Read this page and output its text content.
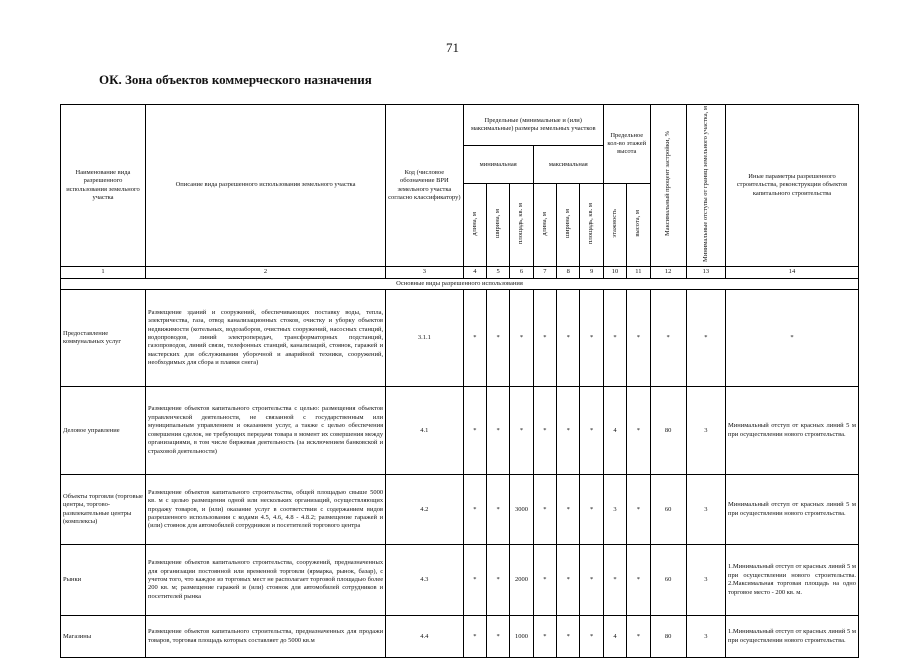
71
ОК. Зона объектов коммерческого назначения
Наименование вида разрешенного использования земельного участка	Описание вида разрешенного использования земельного участка	Код (числовое обозначение ВРИ земельного участка согласно классификатору)	Предельные (минимальные и (или) максимальные) размеры земельных участков						Предельное кол-во этажей высота		Максимальный процент застройки, %	Минимальные отступы от границ земельного участка, м	Иные параметры разрешенного строительства, реконструкции объектов капитального строительства
			минимальная			максимальная							
			длина, м	ширина, м	площадь, кв. м	длина, м	ширина, м	площадь, кв. м	этажность	высота, м			
1	2	3	4	5	6	7	8	9	10	11	12	13	14
Основные виды разрешенного использования													
Предоставление коммунальных услуг	Размещение зданий и сооружений, обеспечивающих поставку воды, тепла, электричества, газа, отвод канализационных стоков, очистку и уборку объектов недвижимости (котельных, водозаборов, очистных сооружений, насосных станций, водопроводов, линий электропередач, трансформаторных подстанций, газопроводов, линий связи, телефонных станций, канализаций, стоянок, гаражей и мастерских для обслуживания уборочной и аварийной техники, сооружений, необходимых для сбора и плавки снега)	3.1.1	*	*	*	*	*	*	*	*	*	*	*
Деловое управление	Размещение объектов капитального строительства с целью: размещения объектов управленческой деятельности, не связанной с государственным или муниципальным управлением и оказанием услуг, а также с целью обеспечения совершения сделок, не требующих передачи товара в момент их совершения между организациями, в том числе биржевая деятельность (за исключением банковской и страховой деятельности)	4.1	*	*	*	*	*	*	4	*	80	3	Минимальный отступ от красных линий 5 м при осуществлении нового строительства.
Объекты торговли (торговые центры, торгово-развлекательные центры (комплексы)	Размещение объектов капитального строительства, общей площадью свыше 5000 кв. м с целью размещения одной или нескольких организаций, осуществляющих продажу товаров, и (или) оказание услуг в соответствии с содержанием видов разрешенного использования с кодами 4.5, 4.6, 4.8 - 4.8.2; размещение гаражей и (или) стоянок для автомобилей сотрудников и посетителей торгового центра	4.2	*	*	3000	*	*	*	3	*	60	3	Минимальный отступ от красных линий 5 м при осуществлении нового строительства.
Рынки	Размещение объектов капитального строительства, сооружений, предназначенных для организации постоянной или временной торговли (ярмарка, рынок, базар), с учетом того, что каждое из торговых мест не располагает торговой площадью более 200 кв. м; размещение гаражей и (или) стоянок для автомобилей сотрудников и посетителей рынка	4.3	*	*	2000	*	*	*	*	*	60	3	1.Минимальный отступ от красных линий 5 м при осуществлении нового строительства. 2.Максимальная торговая площадь на одно торговое место - 200 кв. м.
Магазины	Размещение объектов капитального строительства, предназначенных для продажи товаров, торговая площадь которых составляет до 5000 кв.м	4.4	*	*	1000	*	*	*	4	*	80	3	1.Минимальный отступ от красных линий 5 м при осуществлении нового строительства.
